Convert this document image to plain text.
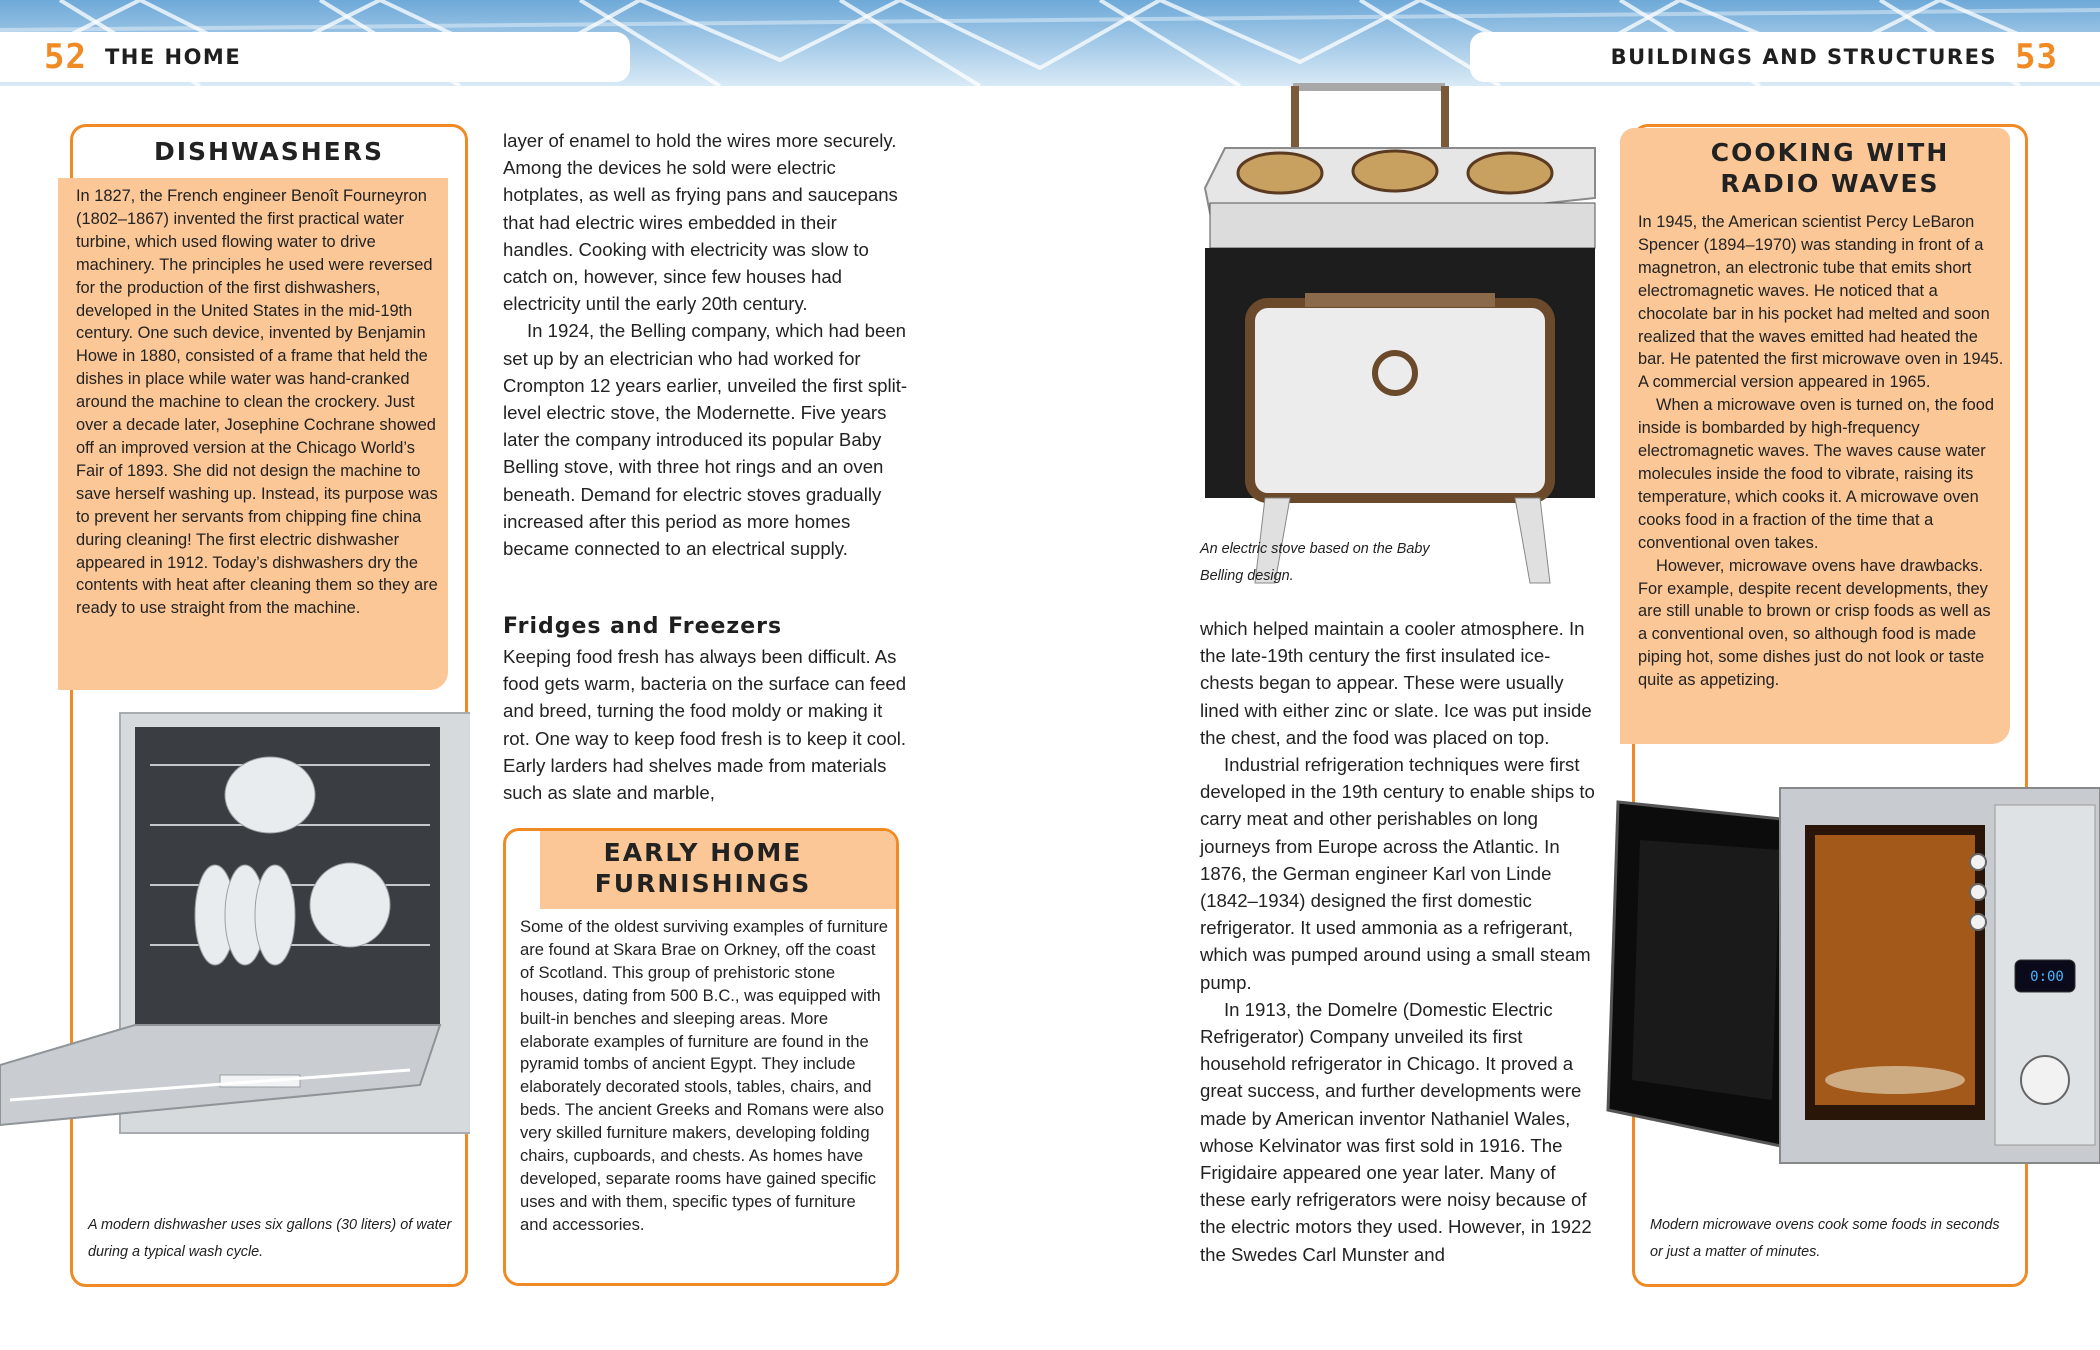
52 THE HOME	BUILDINGS AND STRUCTURES 53
DISHWASHERS
In 1827, the French engineer Benoît Fourneyron (1802–1867) invented the first practical water turbine, which used flowing water to drive machinery. The principles he used were reversed for the production of the first dishwashers, developed in the United States in the mid-19th century. One such device, invented by Benjamin Howe in 1880, consisted of a frame that held the dishes in place while water was hand-cranked around the machine to clean the crockery. Just over a decade later, Josephine Cochrane showed off an improved version at the Chicago World’s Fair of 1893. She did not design the machine to save herself washing up. Instead, its purpose was to prevent her servants from chipping fine china during cleaning! The first electric dishwasher appeared in 1912. Today’s dishwashers dry the contents with heat after cleaning them so they are ready to use straight from the machine.
A modern dishwasher uses six gallons (30 liters) of water during a typical wash cycle.

layer of enamel to hold the wires more securely. Among the devices he sold were electric hotplates, as well as frying pans and saucepans that had electric wires embedded in their handles. Cooking with electricity was slow to catch on, however, since few houses had electricity until the early 20th century.

In 1924, the Belling company, which had been set up by an electrician who had worked for Crompton 12 years earlier, unveiled the first split-level electric stove, the Modernette. Five years later the company introduced its popular Baby Belling stove, with three hot rings and an oven beneath. Demand for electric stoves gradually increased after this period as more homes became connected to an electrical supply.

Fridges and Freezers
Keeping food fresh has always been difficult. As food gets warm, bacteria on the surface can feed and breed, turning the food moldy or making it rot. One way to keep food fresh is to keep it cool. Early larders had shelves made from materials such as slate and marble,
EARLY HOME
FURNISHINGS
Some of the oldest surviving examples of furniture are found at Skara Brae on Orkney, off the coast of Scotland. This group of prehistoric stone houses, dating from 500 B.C., was equipped with built-in benches and sleeping areas. More elaborate examples of furniture are found in the pyramid tombs of ancient Egypt. They include elaborately decorated stools, tables, chairs, and beds. The ancient Greeks and Romans were also very skilled furniture makers, developing folding chairs, cupboards, and chests. As homes have developed, separate rooms have gained specific uses and with them, specific types of furniture and accessories.
An electric stove based on the Baby
Belling design.

which helped maintain a cooler atmosphere. In the late-19th century the first insulated ice-chests began to appear. These were usually lined with either zinc or slate. Ice was put inside the chest, and the food was placed on top.

Industrial refrigeration techniques were first developed in the 19th century to enable ships to carry meat and other perishables on long journeys from Europe across the Atlantic. In 1876, the German engineer Karl von Linde (1842–1934) designed the first domestic refrigerator. It used ammonia as a refrigerant, which was pumped around using a small steam pump.

In 1913, the Domelre (Domestic Electric Refrigerator) Company unveiled its first household refrigerator in Chicago. It proved a great success, and further developments were made by American inventor Nathaniel Wales, whose Kelvinator was first sold in 1916. The Frigidaire appeared one year later. Many of these early refrigerators were noisy because of the electric motors they used. However, in 1922 the Swedes Carl Munster and

COOKING WITH
RADIO WAVES

In 1945, the American scientist Percy LeBaron Spencer (1894–1970) was standing in front of a magnetron, an electronic tube that emits short electromagnetic waves. He noticed that a chocolate bar in his pocket had melted and soon realized that the waves emitted had heated the bar. He patented the first microwave oven in 1945. A commercial version appeared in 1965.

When a microwave oven is turned on, the food inside is bombarded by high-frequency electromagnetic waves. The waves cause water molecules inside the food to vibrate, raising its temperature, which cooks it. A microwave oven cooks food in a fraction of the time that a conventional oven takes.

However, microwave ovens have drawbacks. For example, despite recent developments, they are still unable to brown or crisp foods as well as a conventional oven, so although food is made piping hot, some dishes just do not look or taste quite as appetizing.

0:00
Modern microwave ovens cook some foods in seconds
or just a matter of minutes.
